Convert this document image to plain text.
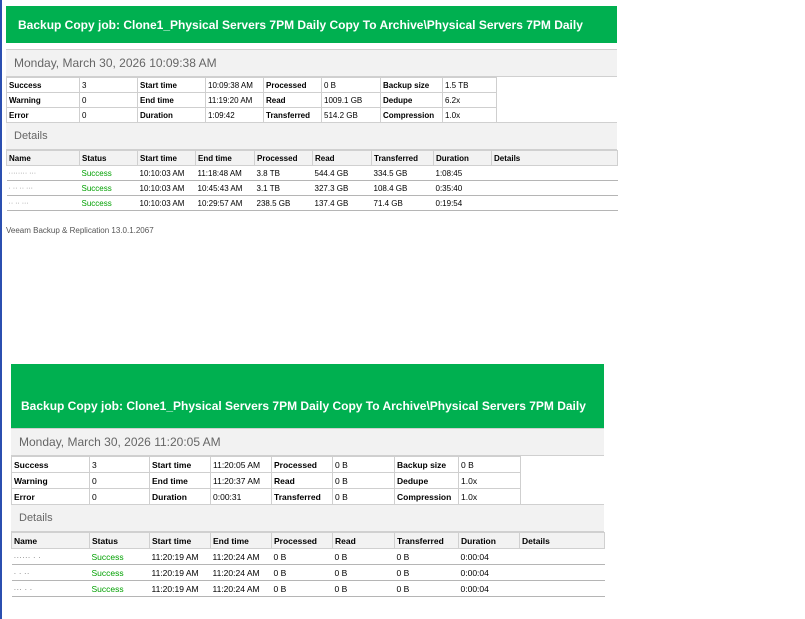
Backup Copy job: Clone1_Physical Servers 7PM Daily Copy To Archive\Physical Servers 7PM Daily
Monday, March 30, 2026 10:09:38 AM
Success	3	Start time	10:09:38 AM	Processed	0 B	Backup size	1.5 TB
Warning	0	End time	11:19:20 AM	Read	1009.1 GB	Dedupe	6.2x
Error	0	Duration	1:09:42	Transferred	514.2 GB	Compression	1.0x
Details
Name	Status	Start time	End time	Processed	Read	Transferred	Duration	Details
········ ···	Success	10:10:03 AM	11:18:48 AM	3.8 TB	544.4 GB	334.5 GB	1:08:45	
· ·· ·· ···	Success	10:10:03 AM	10:45:43 AM	3.1 TB	327.3 GB	108.4 GB	0:35:40	
·· ·· ···	Success	10:10:03 AM	10:29:57 AM	238.5 GB	137.4 GB	71.4 GB	0:19:54	
Veeam Backup & Replication 13.0.1.2067
Backup Copy job: Clone1_Physical Servers 7PM Daily Copy To Archive\Physical Servers 7PM Daily
Monday, March 30, 2026 11:20:05 AM
Success	3	Start time	11:20:05 AM	Processed	0 B	Backup size	0 B
Warning	0	End time	11:20:37 AM	Read	0 B	Dedupe	1.0x
Error	0	Duration	0:00:31	Transferred	0 B	Compression	1.0x
Details
Name	Status	Start time	End time	Processed	Read	Transferred	Duration	Details
······ · ·	Success	11:20:19 AM	11:20:24 AM	0 B	0 B	0 B	0:00:04	
· · ··	Success	11:20:19 AM	11:20:24 AM	0 B	0 B	0 B	0:00:04	
··· · ·	Success	11:20:19 AM	11:20:24 AM	0 B	0 B	0 B	0:00:04	
